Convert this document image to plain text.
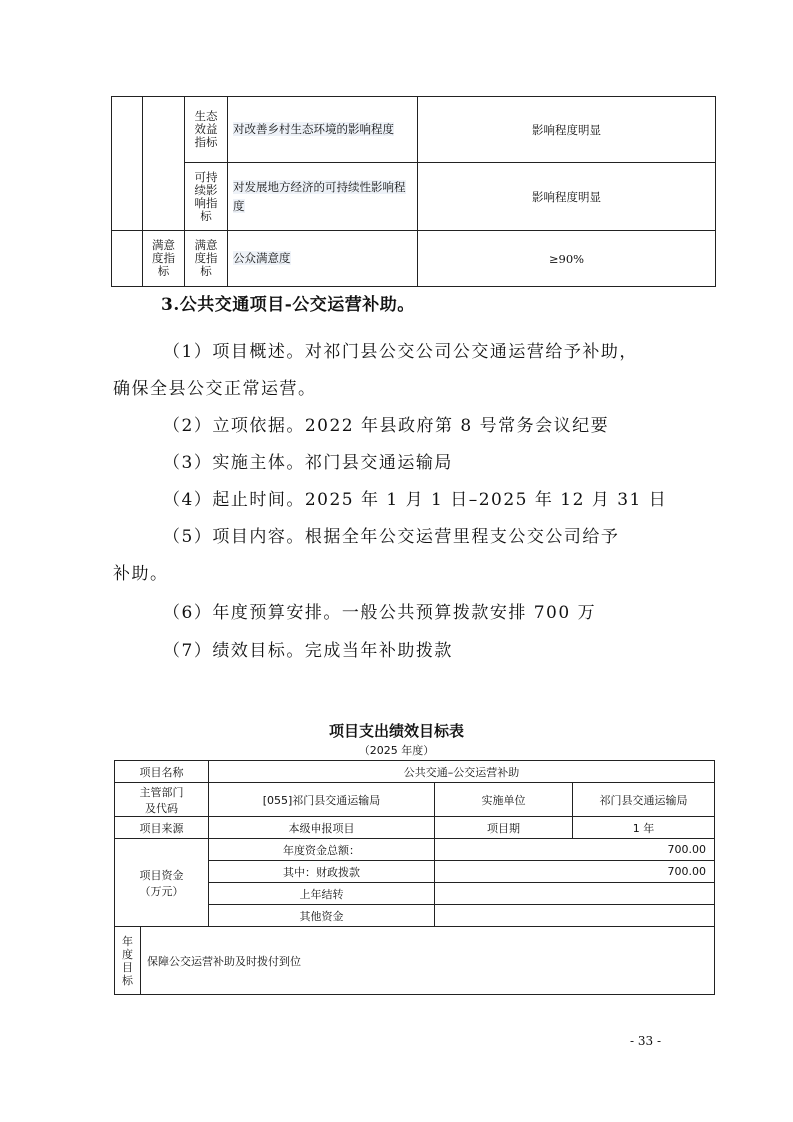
		生态效益指标	对改善乡村生态环境的影响程度	影响程度明显

		可持续影响指标	对发展地方经济的可持续性影响程度	影响程度明显

	满意度指标	满意度指标	公众满意度	≥90%

3.公共交通项目-公交运营补助。

（1）项目概述。对祁门县公交公司公交通运营给予补助，

确保全县公交正常运营。

（2）立项依据。2022 年县政府第 8 号常务会议纪要

（3）实施主体。祁门县交通运输局

（4）起止时间。2025 年 1 月 1 日–2025 年 12 月 31 日

（5）项目内容。根据全年公交运营里程支公交公司给予

补助。

（6）年度预算安排。一般公共预算拨款安排 700 万

（7）绩效目标。完成当年补助拨款

项目支出绩效目标表
（2025 年度）
项目名称		公共交通–公交运营补助		

主管部门
及代码		[055]祁门县交通运输局	实施单位	祁门县交通运输局
项目来源		本级申报项目	项目期	1 年

项目资金
（万元）		年度资金总额：	700.00	
		其中：财政拨款	700.00	
		上年结转		
		其他资金		

年度目标	保障公交运营补助及时拨付到位			
- 33 -
